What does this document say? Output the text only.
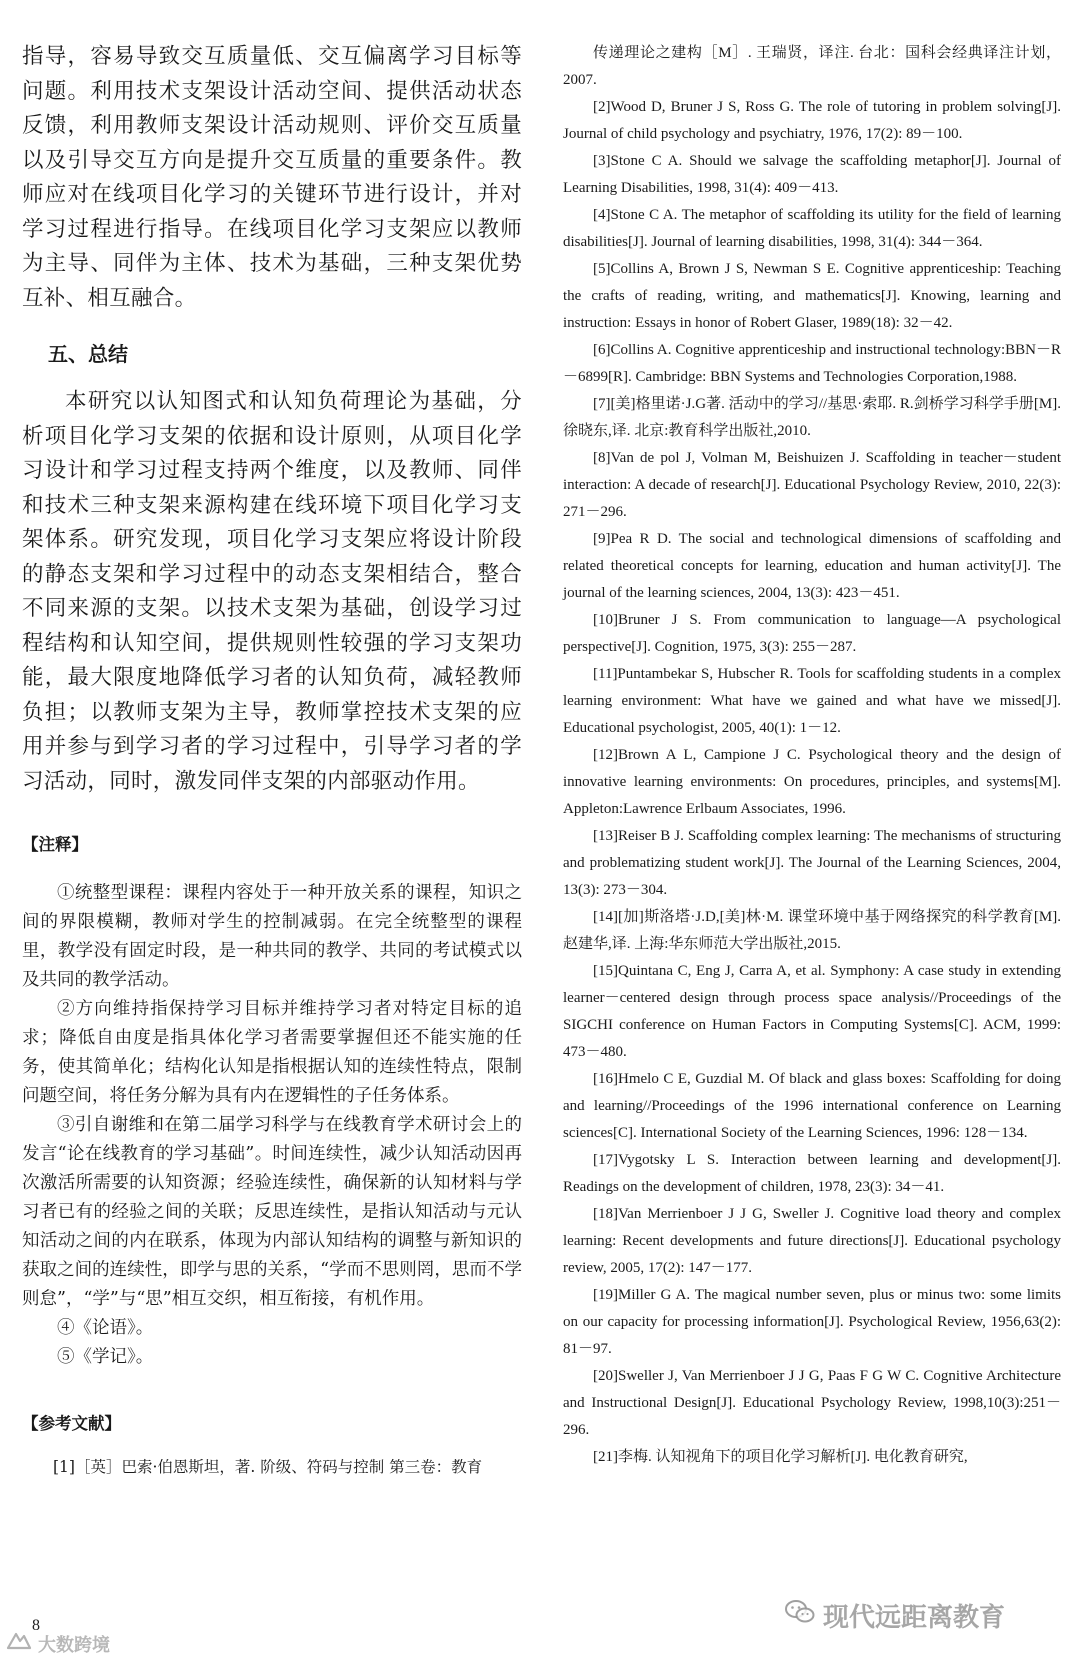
指导，容易导致交互质量低、交互偏离学习目标等问题。利用技术支架设计活动空间、提供活动状态反馈，利用教师支架设计活动规则、评价交互质量以及引导交互方向是提升交互质量的重要条件。教师应对在线项目化学习的关键环节进行设计，并对学习过程进行指导。在线项目化学习支架应以教师为主导、同伴为主体、技术为基础，三种支架优势互补、相互融合。

五、总结

本研究以认知图式和认知负荷理论为基础，分析项目化学习支架的依据和设计原则，从项目化学习设计和学习过程支持两个维度，以及教师、同伴和技术三种支架来源构建在线环境下项目化学习支架体系。研究发现，项目化学习支架应将设计阶段的静态支架和学习过程中的动态支架相结合，整合不同来源的支架。以技术支架为基础，创设学习过程结构和认知空间，提供规则性较强的学习支架功能，最大限度地降低学习者的认知负荷，减轻教师负担；以教师支架为主导，教师掌控技术支架的应用并参与到学习者的学习过程中，引导学习者的学习活动，同时，激发同伴支架的内部驱动作用。

【注释】

①统整型课程：课程内容处于一种开放关系的课程，知识之间的界限模糊，教师对学生的控制减弱。在完全统整型的课程里，教学没有固定时段，是一种共同的教学、共同的考试模式以及共同的教学活动。

②方向维持指保持学习目标并维持学习者对特定目标的追求；降低自由度是指具体化学习者需要掌握但还不能实施的任务，使其简单化；结构化认知是指根据认知的连续性特点，限制问题空间，将任务分解为具有内在逻辑性的子任务体系。

③引自谢维和在第二届学习科学与在线教育学术研讨会上的发言“论在线教育的学习基础”。时间连续性，减少认知活动因再次激活所需要的认知资源；经验连续性，确保新的认知材料与学习者已有的经验之间的关联；反思连续性，是指认知活动与元认知活动之间的内在联系，体现为内部认知结构的调整与新知识的获取之间的连续性，即学与思的关系，“学而不思则罔，思而不学则怠”，“学”与“思”相互交织，相互衔接，有机作用。

④《论语》。

⑤《学记》。

【参考文献】

[1]［英］巴索·伯恩斯坦，著. 阶级、符码与控制 第三卷：教育

传递理论之建构［M］. 王瑞贤，译注. 台北：国科会经典译注计划，2007.

[2]Wood D, Bruner J S, Ross G. The role of tutoring in problem solving[J]. Journal of child psychology and psychiatry, 1976, 17(2): 89－100.

[3]Stone C A. Should we salvage the scaffolding metaphor[J]. Journal of Learning Disabilities, 1998, 31(4): 409－413.

[4]Stone C A. The metaphor of scaffolding its utility for the field of learning disabilities[J]. Journal of learning disabilities, 1998, 31(4): 344－364.

[5]Collins A, Brown J S, Newman S E. Cognitive apprenticeship: Teaching the crafts of reading, writing, and mathematics[J]. Knowing, learning and instruction: Essays in honor of Robert Glaser, 1989(18): 32－42.

[6]Collins A. Cognitive apprenticeship and instructional technology:BBN－R－6899[R]. Cambridge: BBN Systems and Technologies Corporation,1988.

[7][美]格里诺·J.G著. 活动中的学习//基思·索耶. R.剑桥学习科学手册[M]. 徐晓东,译. 北京:教育科学出版社,2010.

[8]Van de pol J, Volman M, Beishuizen J. Scaffolding in teacher－student interaction: A decade of research[J]. Educational Psychology Review, 2010, 22(3): 271－296.

[9]Pea R D. The social and technological dimensions of scaffolding and related theoretical concepts for learning, education and human activity[J]. The journal of the learning sciences, 2004, 13(3): 423－451.

[10]Bruner J S. From communication to language—A psychological perspective[J]. Cognition, 1975, 3(3): 255－287.

[11]Puntambekar S, Hubscher R. Tools for scaffolding students in a complex learning environment: What have we gained and what have we missed[J]. Educational psychologist, 2005, 40(1): 1－12.

[12]Brown A L, Campione J C. Psychological theory and the design of innovative learning environments: On procedures, principles, and systems[M]. Appleton:Lawrence Erlbaum Associates, 1996.

[13]Reiser B J. Scaffolding complex learning: The mechanisms of structuring and problematizing student work[J]. The Journal of the Learning Sciences, 2004, 13(3): 273－304.

[14][加]斯洛塔·J.D,[美]林·M. 课堂环境中基于网络探究的科学教育[M]. 赵建华,译. 上海:华东师范大学出版社,2015.

[15]Quintana C, Eng J, Carra A, et al. Symphony: A case study in extending learner－centered design through process space analysis//Proceedings of the SIGCHI conference on Human Factors in Computing Systems[C]. ACM, 1999: 473－480.

[16]Hmelo C E, Guzdial M. Of black and glass boxes: Scaffolding for doing and learning//Proceedings of the 1996 international conference on Learning sciences[C]. International Society of the Learning Sciences, 1996: 128－134.

[17]Vygotsky L S. Interaction between learning and development[J]. Readings on the development of children, 1978, 23(3): 34－41.

[18]Van Merrienboer J J G, Sweller J. Cognitive load theory and complex learning: Recent developments and future directions[J]. Educational psychology review, 2005, 17(2): 147－177.

[19]Miller G A. The magical number seven, plus or minus two: some limits on our capacity for processing information[J]. Psychological Review, 1956,63(2): 81－97.

[20]Sweller J, Van Merrienboer J J G, Paas F G W C. Cognitive Architecture and Instructional Design[J]. Educational Psychology Review, 1998,10(3):251－296.

[21]李梅. 认知视角下的项目化学习解析[J]. 电化教育研究,

8
大数跨境
现代远距离教育
